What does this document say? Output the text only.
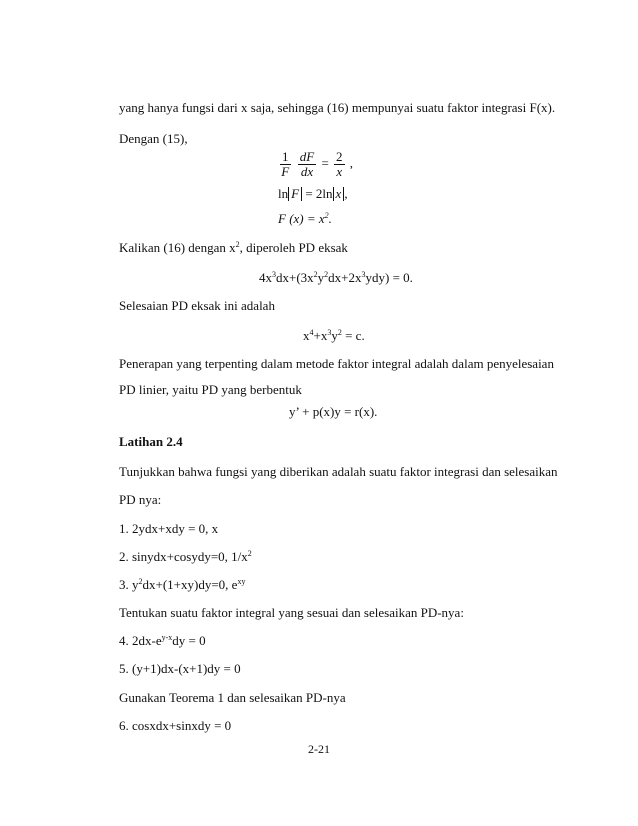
yang hanya fungsi dari x saja, sehingga (16) mempunyai suatu faktor integrasi F(x).
Dengan (15),
$\frac{1}{F}$
$\frac{dF}{dx} = \frac{2}{x}$ ,
ln F = 2ln x ,
F $(x) = x^2$.
Kalikan (16) dengan $x^2$, diperoleh PD eksak
$4x^3dx+(3x^2y^2dx+2x^3ydy) = 0$.
Selesaian PD eksak ini adalah
$x^4+x^3y^2 = c$.
Penerapan yang terpenting dalam metode faktor integral adalah dalam penyelesaian
PD linier, yaitu PD yang berbentuk
y’ + p(x)y = r(x).
Latihan 2.4
Tunjukkan bahwa fungsi yang diberikan adalah suatu faktor integrasi dan selesaikan
PD nya:
1. 2ydx+xdy = 0, x
2. sinydx+cosydy=0, $1/x^2$
3. $y^2dx+(1+xy)dy=0$, $e^{xy}$
Tentukan suatu faktor integral yang sesuai dan selesaikan PD-nya:
4. $2dx-e^{y-x}dy = 0$
5. (y+1)dx-(x+1)dy = 0
Gunakan Teorema 1 dan selesaikan PD-nya
6. cosxdx+sinxdy = 0
2-21
